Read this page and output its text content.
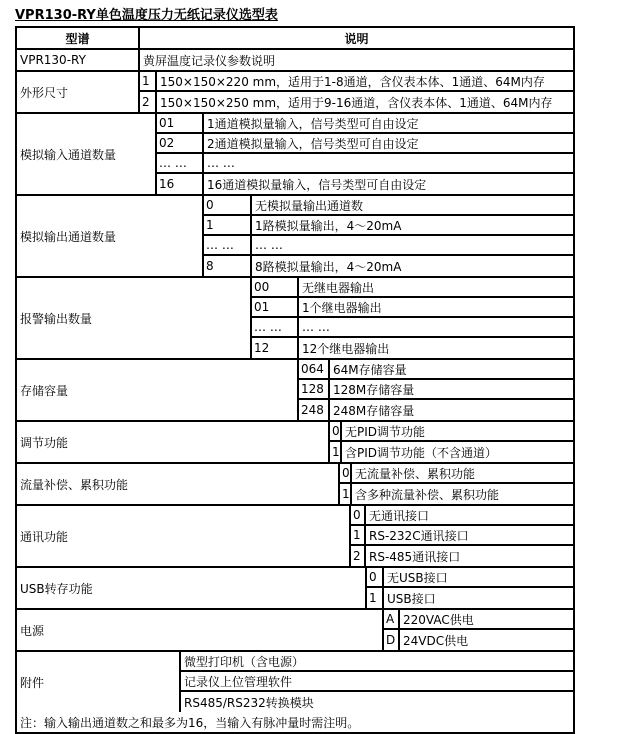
VPR130-RY单色温度压力无纸记录仪选型表
型谱	说明
VPR130-RY	黄屏温度记录仪参数说明
外形尺寸
1 150×150×220 mm，适用于1-8通道，含仪表本体、1通道、64M内存
2 150×150×250 mm，适用于9-16通道，含仪表本体、1通道、64M内存
模拟输入通道数量
01	1通道模拟量输入，信号类型可自由设定
02	2通道模拟量输入，信号类型可自由设定
… …	… …
16	16通道模拟量输入，信号类型可自由设定
模拟输出通道数量
0	无模拟量输出通道数
1	1路模拟量输出，4～20mA
… …	… …
8	8路模拟量输出，4～20mA
报警输出数量
00	无继电器输出
01	1个继电器输出
… …	… …
12	12个继电器输出
存储容量
064 64M存储容量
128 128M存储容量
248 248M存储容量
调节功能
0 无PID调节功能
1 含PID调节功能（不含通道）
流量补偿、累积功能
0 无流量补偿、累积功能
1 含多种流量补偿、累积功能
通讯功能
0 无通讯接口
1 RS-232C通讯接口
2 RS-485通讯接口
USB转存功能
0 无USB接口
1 USB接口
电源
A 220VAC供电
D 24VDC供电
附件
微型打印机（含电源）
记录仪上位管理软件
RS485/RS232转换模块
注：输入输出通道数之和最多为16，当输入有脉冲量时需注明。
